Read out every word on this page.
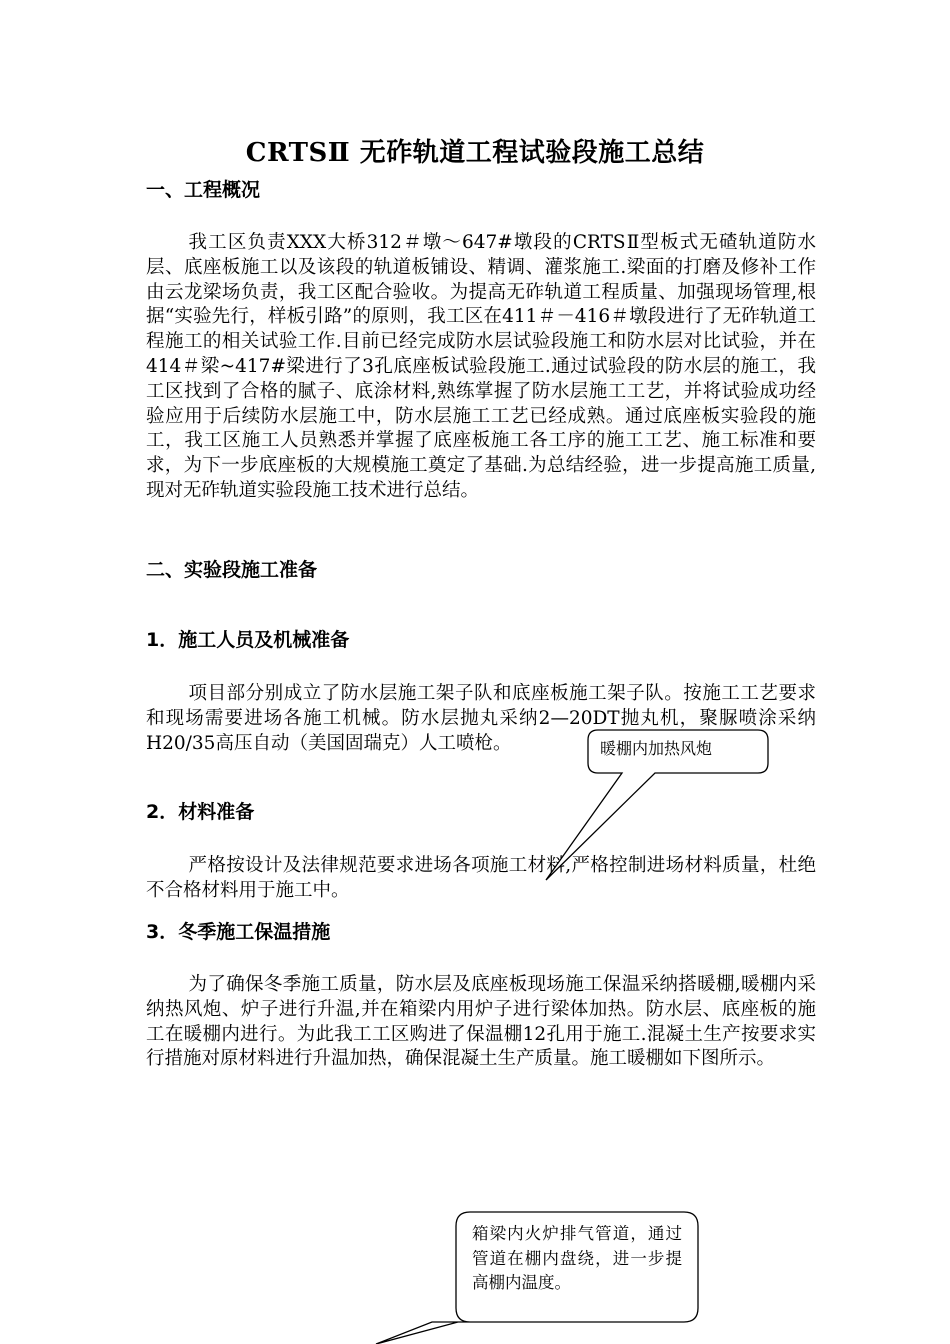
CRTSⅡ 无砟轨道工程试验段施工总结
一、工程概况
我工区负责XXX大桥312＃墩～647#墩段的CRTSⅡ型板式无碴轨道防水层、底座板施工以及该段的轨道板铺设、精调、灌浆施工.梁面的打磨及修补工作由云龙梁场负责，我工区配合验收。为提高无砟轨道工程质量、加强现场管理,根据“实验先行，样板引路”的原则，我工区在411＃－416＃墩段进行了无砟轨道工程施工的相关试验工作.目前已经完成防水层试验段施工和防水层对比试验，并在414＃梁~417#梁进行了3孔底座板试验段施工.通过试验段的防水层的施工，我工区找到了合格的腻子、底涂材料,熟练掌握了防水层施工工艺，并将试验成功经验应用于后续防水层施工中，防水层施工工艺已经成熟。通过底座板实验段的施工，我工区施工人员熟悉并掌握了底座板施工各工序的施工工艺、施工标准和要求，为下一步底座板的大规模施工奠定了基础.为总结经验，进一步提高施工质量,现对无砟轨道实验段施工技术进行总结。
二、实验段施工准备
1．施工人员及机械准备
项目部分别成立了防水层施工架子队和底座板施工架子队。按施工工艺要求和现场需要进场各施工机械。防水层抛丸采纳2—20DT抛丸机，聚脲喷涂采纳H20/35高压自动（美国固瑞克）人工喷枪。
2．材料准备
严格按设计及法律规范要求进场各项施工材料,严格控制进场材料质量，杜绝不合格材料用于施工中。
3．冬季施工保温措施
为了确保冬季施工质量，防水层及底座板现场施工保温采纳搭暖棚,暖棚内采纳热风炮、炉子进行升温,并在箱梁内用炉子进行梁体加热。防水层、底座板的施工在暖棚内进行。为此我工工区购进了保温棚12孔用于施工.混凝土生产按要求实行措施对原材料进行升温加热，确保混凝土生产质量。施工暖棚如下图所示。
暖棚内加热风炮
箱梁内火炉排气管道，通过管道在棚内盘绕，进一步提高棚内温度。
